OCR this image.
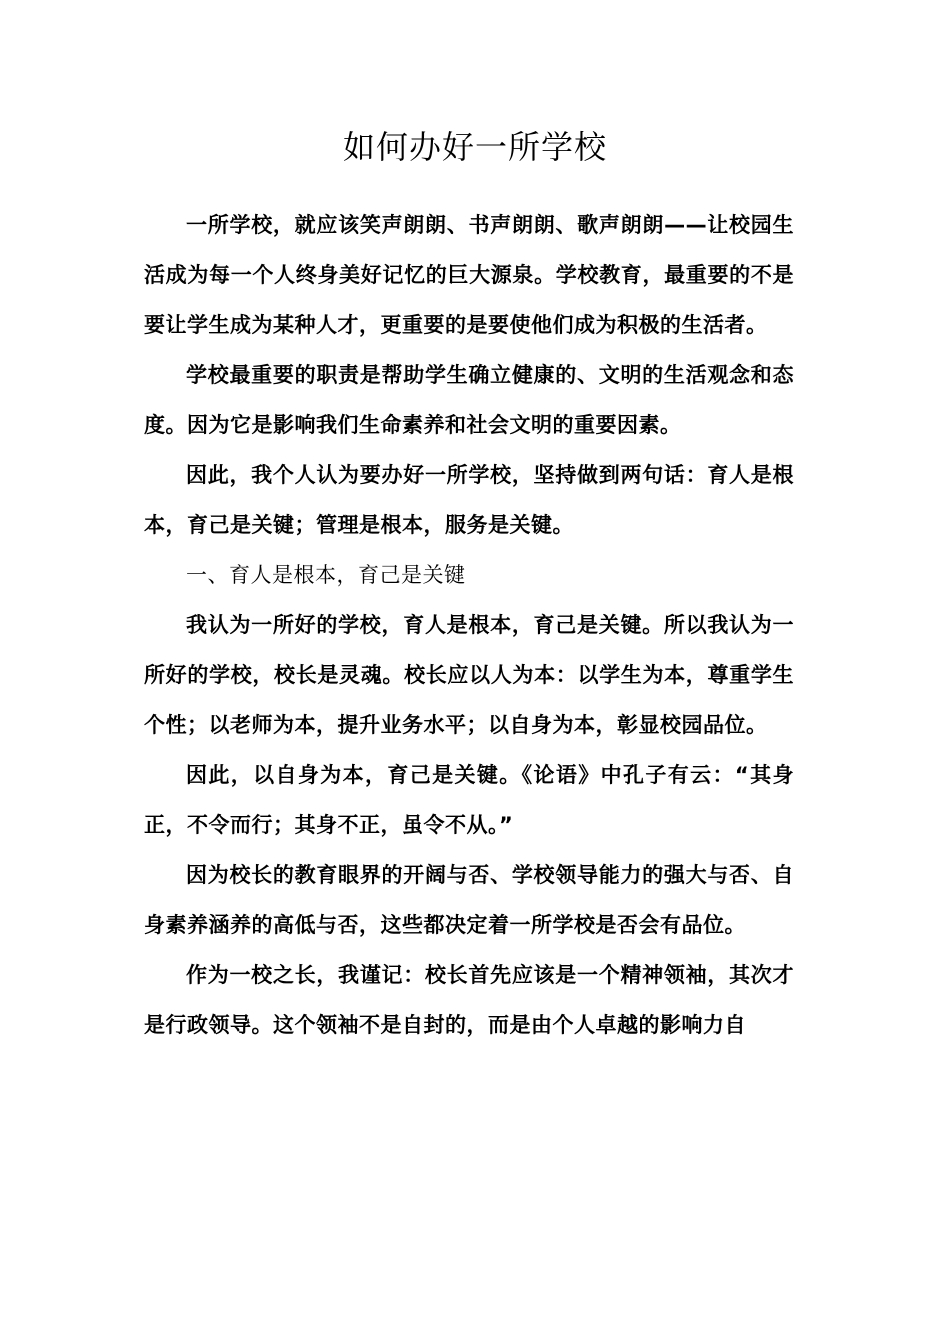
如何办好一所学校

一所学校，就应该笑声朗朗、书声朗朗、歌声朗朗——让校园生活成为每一个人终身美好记忆的巨大源泉。学校教育，最重要的不是要让学生成为某种人才，更重要的是要使他们成为积极的生活者。

学校最重要的职责是帮助学生确立健康的、文明的生活观念和态度。因为它是影响我们生命素养和社会文明的重要因素。

因此，我个人认为要办好一所学校，坚持做到两句话：育人是根本，育己是关键；管理是根本，服务是关键。

一、育人是根本，育己是关键

我认为一所好的学校，育人是根本，育己是关键。所以我认为一所好的学校，校长是灵魂。校长应以人为本：以学生为本，尊重学生个性；以老师为本，提升业务水平；以自身为本，彰显校园品位。

因此，以自身为本，育己是关键。《论语》中孔子有云：“其身正，不令而行；其身不正，虽令不从。”

因为校长的教育眼界的开阔与否、学校领导能力的强大与否、自身素养涵养的高低与否，这些都决定着一所学校是否会有品位。

作为一校之长，我谨记：校长首先应该是一个精神领袖，其次才是行政领导。这个领袖不是自封的，而是由个人卓越的影响力自
